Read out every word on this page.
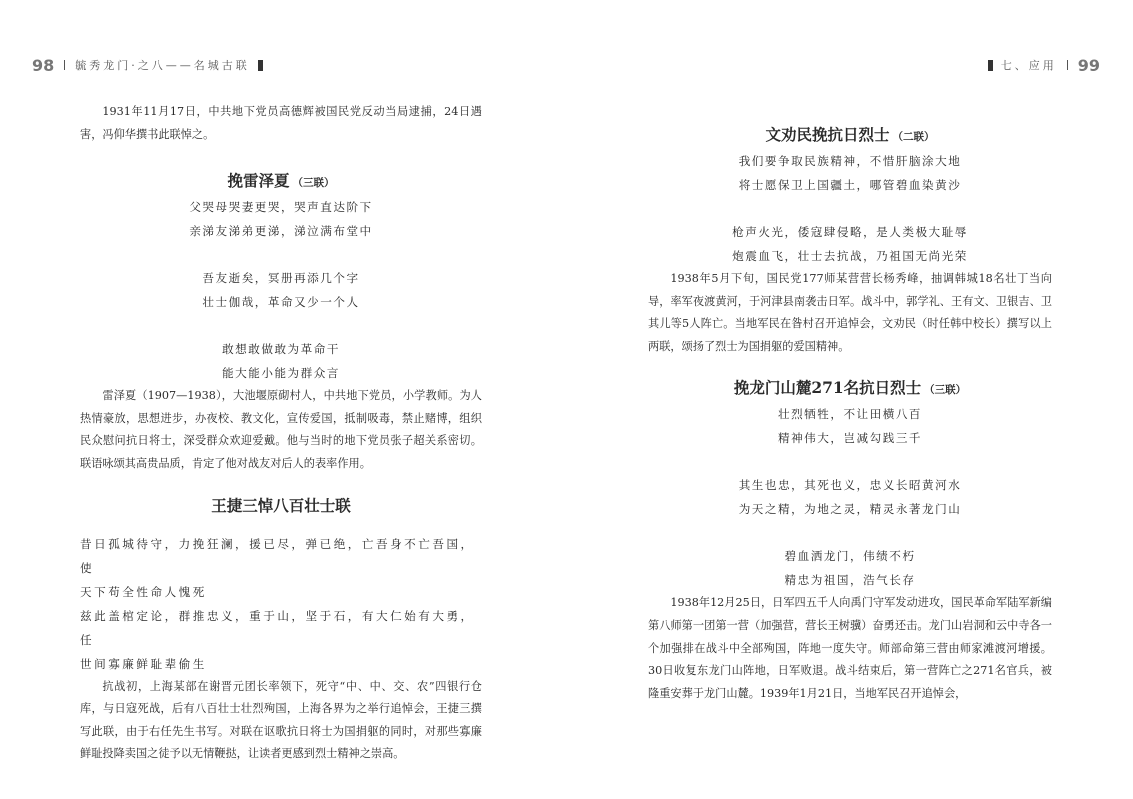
98 毓秀龙门·之八——名城古联

1931年11月17日，中共地下党员高德辉被国民党反动当局逮捕，24日遇害，冯仰华撰书此联悼之。

挽雷泽夏 （三联）
父哭母哭妻更哭，哭声直达阶下
亲涕友涕弟更涕，涕泣满布堂中
吾友逝矣，冥册再添几个字
壮士伽哉，革命又少一个人
敢想敢做敢为革命干
能大能小能为群众言

雷泽夏（1907—1938），大池堰原砌村人，中共地下党员，小学教师。为人热情豪放，思想进步，办夜校、教文化，宣传爱国，抵制吸毒，禁止赌博，组织民众慰问抗日将士，深受群众欢迎爱戴。他与当时的地下党员张子超关系密切。联语咏颂其高贵品质，肯定了他对战友对后人的表率作用。

王捷三悼八百壮士联
昔日孤城待守，力挽狂澜，援已尽，弹已绝，亡吾身不亡吾国，使
天下苟全性命人愧死
兹此盖棺定论，群推忠义，重于山，坚于石，有大仁始有大勇，任
世间寡廉鲜耻辈偷生

抗战初，上海某部在谢晋元团长率领下，死守“中、中、交、农”四银行仓库，与日寇死战，后有八百壮士壮烈殉国，上海各界为之举行追悼会，王捷三撰写此联，由于右任先生书写。对联在讴歌抗日将士为国捐躯的同时，对那些寡廉鲜耻投降卖国之徒予以无情鞭挞，让读者更感到烈士精神之崇高。

七、应用 99
文劝民挽抗日烈士 （二联）
我们要争取民族精神，不惜肝脑涂大地
将士愿保卫上国疆土，哪管碧血染黄沙
枪声火光，倭寇肆侵略，是人类极大耻辱
炮震血飞，壮士去抗战，乃祖国无尚光荣

1938年5月下旬，国民党177师某营营长杨秀峰，抽调韩城18名壮丁当向导，率军夜渡黄河，于河津县南袭击日军。战斗中，郭学礼、王有文、卫银吉、卫其儿等5人阵亡。当地军民在昝村召开追悼会，文劝民（时任韩中校长）撰写以上两联，颂扬了烈士为国捐躯的爱国精神。

挽龙门山麓271名抗日烈士 （三联）
壮烈牺牲，不让田横八百
精神伟大，岂减勾践三千
其生也忠，其死也义，忠义长昭黄河水
为天之精，为地之灵，精灵永著龙门山
碧血洒龙门，伟绩不朽
精忠为祖国，浩气长存

1938年12月25日，日军四五千人向禹门守军发动进攻，国民革命军陆军新编第八师第一团第一营（加强营，营长王树骥）奋勇还击。龙门山岩洞和云中寺各一个加强排在战斗中全部殉国，阵地一度失守。师部命第三营由师家滩渡河增援。30日收复东龙门山阵地，日军败退。战斗结束后，第一营阵亡之271名官兵，被隆重安葬于龙门山麓。1939年1月21日，当地军民召开追悼会，
